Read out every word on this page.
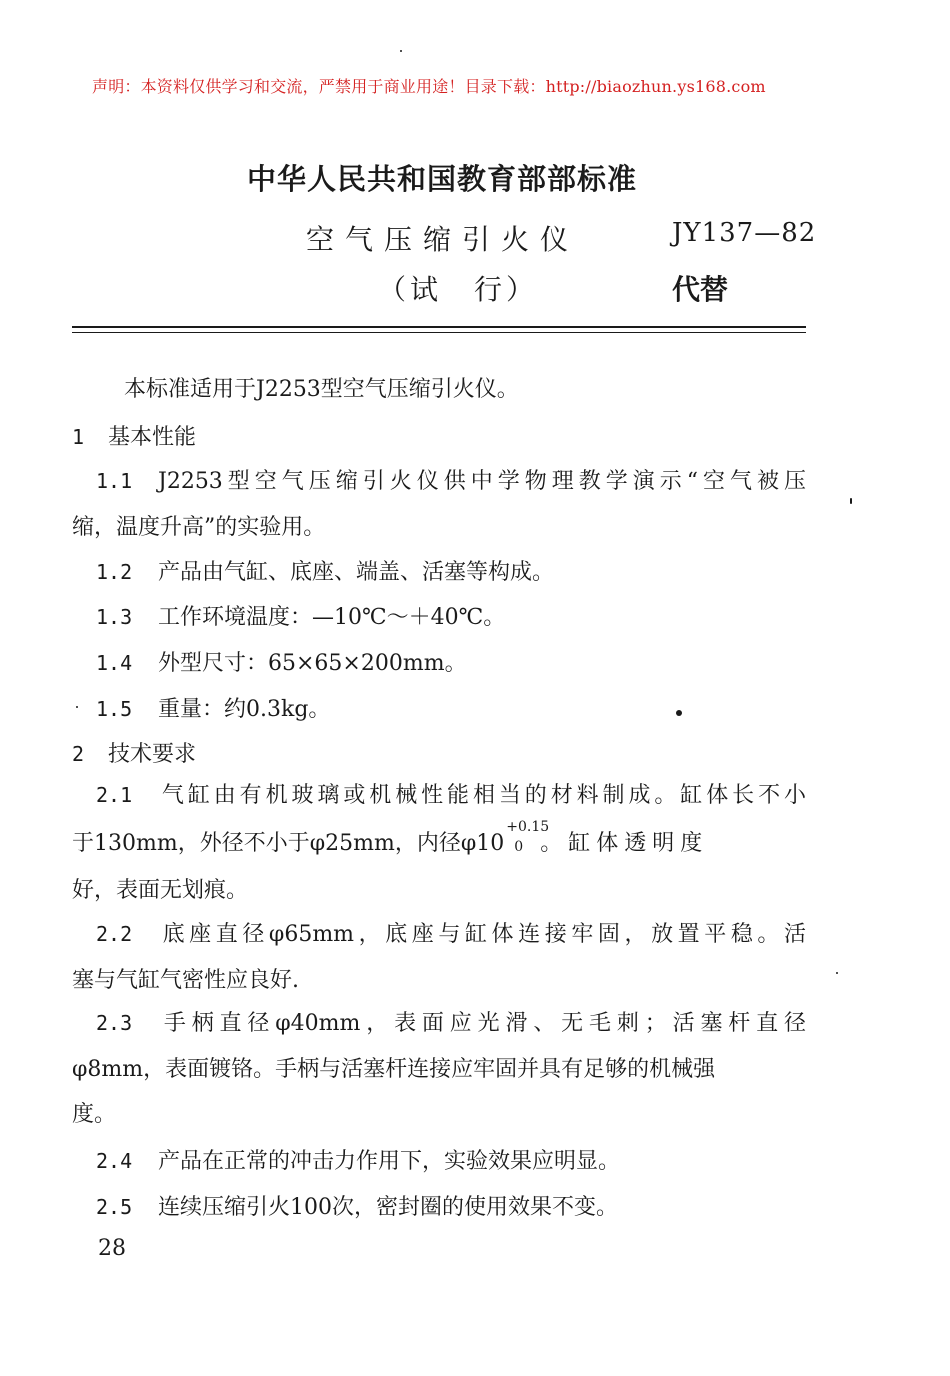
声明：本资料仅供学习和交流，严禁用于商业用途！目录下载：http://biaozhun.ys168.com
中华人民共和国教育部部标准
空气压缩引火仪	JY137—82
（试　行）	代替
本标准适用于J2253型空气压缩引火仪。
1 基本性能
1.1 J2253型空气压缩引火仪供中学物理教学演示“空气被压
缩，温度升高”的实验用。
1.2 产品由气缸、底座、端盖、活塞等构成。
1.3 工作环境温度：—10℃～＋40℃。
1.4 外型尺寸：65×65×200mm。
1.5 重量：约0.3kg。
2 技术要求
2.1 气缸由有机玻璃或机械性能相当的材料制成。缸体长不小
于130mm，外径不小于φ25mm，内径φ10
+0.15
0 。缸体透明度
好，表面无划痕。
2.2 底座直径φ65mm，底座与缸体连接牢固，放置平稳。活
塞与气缸气密性应良好.
2.3 手柄直径φ40mm，表面应光滑、无毛刺；活塞杆直径
φ8mm，表面镀铬。手柄与活塞杆连接应牢固并具有足够的机械强
度。
2.4 产品在正常的冲击力作用下，实验效果应明显。
2.5 连续压缩引火100次，密封圈的使用效果不变。
28
